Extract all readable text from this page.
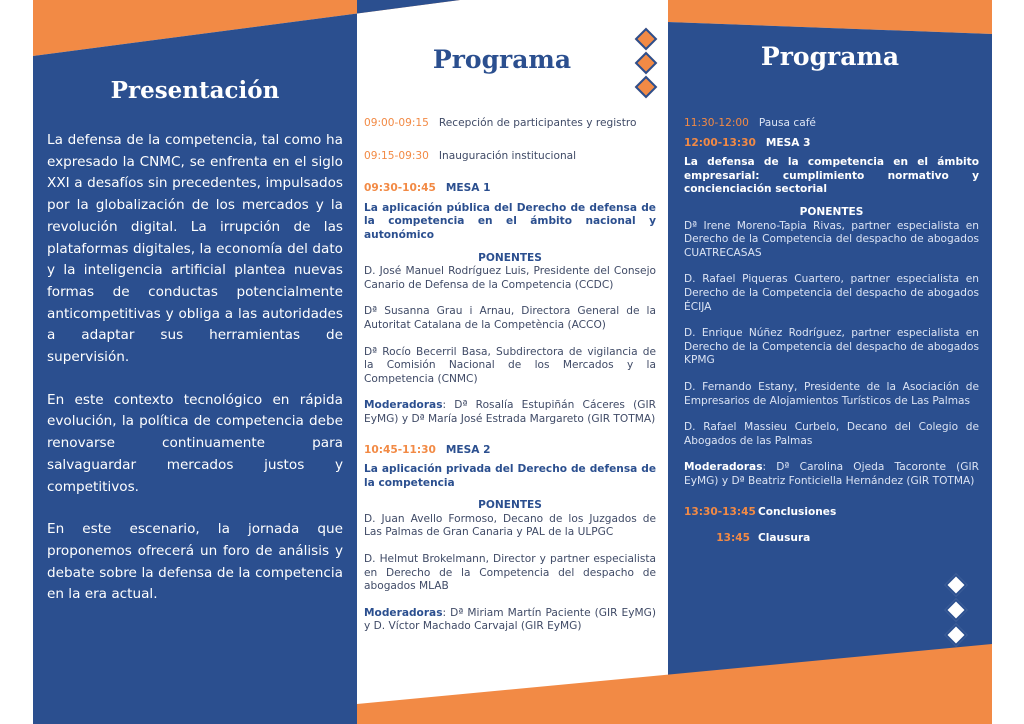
Presentación

La defensa de la competencia, tal como ha expresado la CNMC, se enfrenta en el siglo XXI a desafíos sin precedentes, impulsados por la globalización de los mercados y la revolución digital. La irrupción de las plataformas digitales, la economía del dato y la inteligencia artificial plantea nuevas formas de conductas potencialmente anticompetitivas y obliga a las autoridades a adaptar sus herramientas de supervisión.

En este contexto tecnológico en rápida evolución, la política de competencia debe renovarse continuamente para salvaguardar mercados justos y competitivos.

En este escenario, la jornada que proponemos ofrecerá un foro de análisis y debate sobre la defensa de la competencia en la era actual.

Programa
09:00-09:15 Recepción de participantes y registro
09:15-09:30 Inauguración institucional
09:30-10:45 MESA 1
La aplicación pública del Derecho de defensa de la competencia en el ámbito nacional y autonómico
PONENTES
D. José Manuel Rodríguez Luis, Presidente del Consejo Canario de Defensa de la Competencia (CCDC)
Dª Susanna Grau i Arnau, Directora General de la Autoritat Catalana de la Competència (ACCO)
Dª Rocío Becerril Basa, Subdirectora de vigilancia de la Comisión Nacional de los Mercados y la Competencia (CNMC)
Moderadoras: Dª Rosalía Estupiñán Cáceres (GIR EyMG) y Dª María José Estrada Margareto (GIR TOTMA)
10:45-11:30 MESA 2
La aplicación privada del Derecho de defensa de la competencia
PONENTES
D. Juan Avello Formoso, Decano de los Juzgados de Las Palmas de Gran Canaria y PAL de la ULPGC
D. Helmut Brokelmann, Director y partner especialista en Derecho de la Competencia del despacho de abogados MLAB
Moderadoras: Dª Miriam Martín Paciente (GIR EyMG) y D. Víctor Machado Carvajal (GIR EyMG)
Programa
11:30-12:00 Pausa café
12:00-13:30 MESA 3
La defensa de la competencia en el ámbito empresarial: cumplimiento normativo y concienciación sectorial
PONENTES
Dª Irene Moreno-Tapia Rivas, partner especialista en Derecho de la Competencia del despacho de abogados CUATRECASAS
D. Rafael Piqueras Cuartero, partner especialista en Derecho de la Competencia del despacho de abogados ÉCIJA
D. Enrique Núñez Rodríguez, partner especialista en Derecho de la Competencia del despacho de abogados KPMG
D. Fernando Estany, Presidente de la Asociación de Empresarios de Alojamientos Turísticos de Las Palmas
D. Rafael Massieu Curbelo, Decano del Colegio de Abogados de las Palmas
Moderadoras: Dª Carolina Ojeda Tacoronte (GIR EyMG) y Dª Beatriz Fonticiella Hernández (GIR TOTMA)
13:30-13:45 Conclusiones
13:45 Clausura
